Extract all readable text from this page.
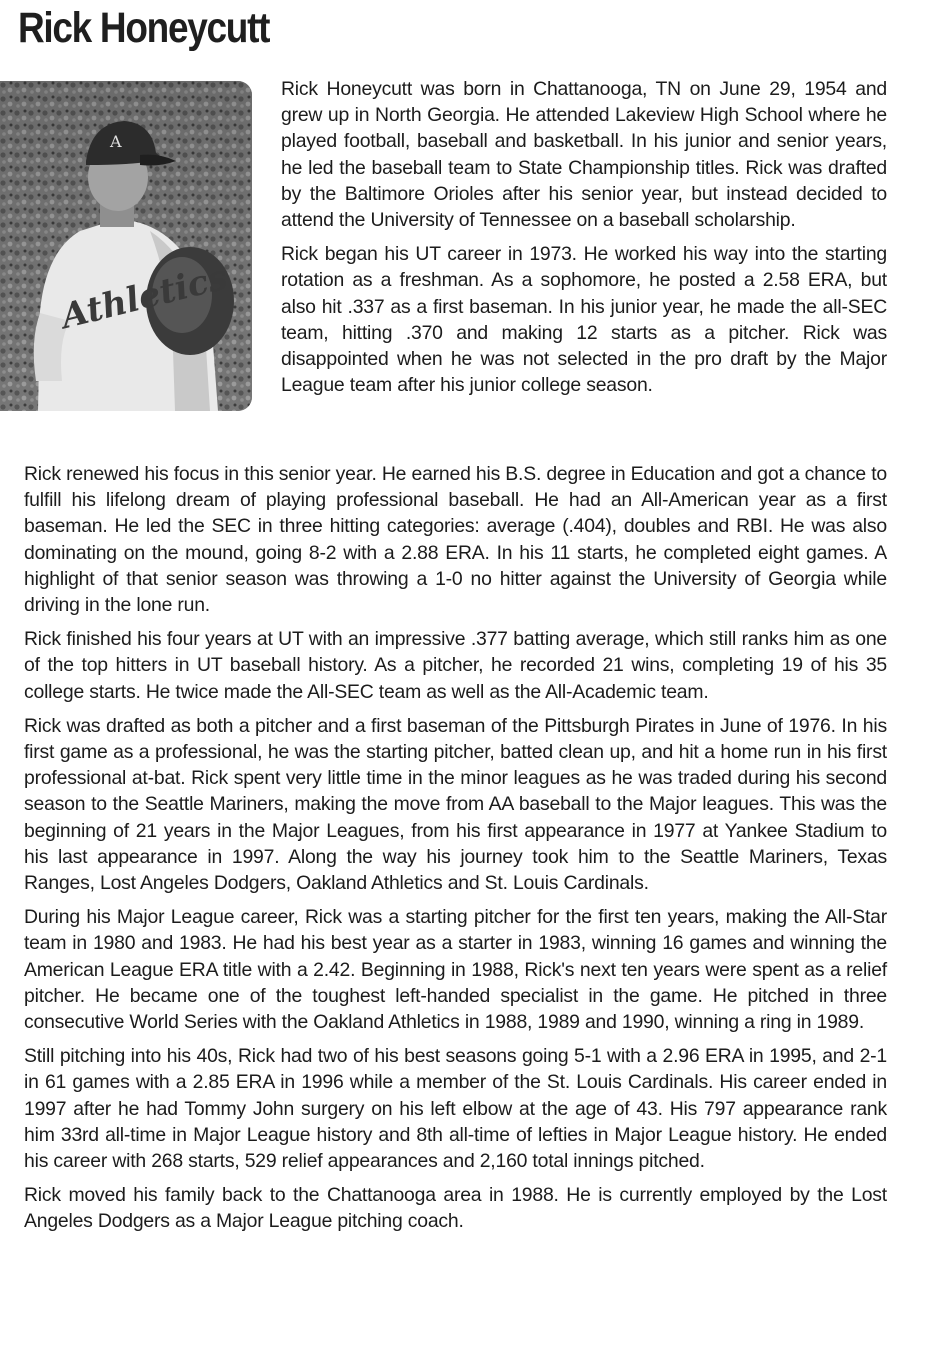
Rick Honeycutt
A
Athletics

Rick Honeycutt was born in Chattanooga, TN on June 29, 1954 and grew up in North Georgia. He attended Lakeview High School where he played football, baseball and basketball. In his junior and senior years, he led the baseball team to State Championship titles. Rick was drafted by the Baltimore Orioles after his senior year, but instead decided to attend the University of Tennessee on a baseball scholarship.

Rick began his UT career in 1973. He worked his way into the starting rotation as a freshman. As a sophomore, he posted a 2.58 ERA, but also hit .337 as a first baseman. In his junior year, he made the all-SEC team, hitting .370 and making 12 starts as a pitcher. Rick was disappointed when he was not selected in the pro draft by the Major League team after his junior college season.

Rick renewed his focus in this senior year. He earned his B.S. degree in Education and got a chance to fulfill his lifelong dream of playing professional baseball. He had an All-American year as a first baseman. He led the SEC in three hitting categories: average (.404), doubles and RBI. He was also dominating on the mound, going 8-2 with a 2.88 ERA. In his 11 starts, he completed eight games. A highlight of that senior season was throwing a 1-0 no hitter against the University of Georgia while driving in the lone run.

Rick finished his four years at UT with an impressive .377 batting average, which still ranks him as one of the top hitters in UT baseball history. As a pitcher, he recorded 21 wins, completing 19 of his 35 college starts. He twice made the All-SEC team as well as the All-Academic team.

Rick was drafted as both a pitcher and a first baseman of the Pittsburgh Pirates in June of 1976. In his first game as a professional, he was the starting pitcher, batted clean up, and hit a home run in his first professional at-bat. Rick spent very little time in the minor leagues as he was traded during his second season to the Seattle Mariners, making the move from AA baseball to the Major leagues. This was the beginning of 21 years in the Major Leagues, from his first appearance in 1977 at Yankee Stadium to his last appearance in 1997. Along the way his journey took him to the Seattle Mariners, Texas Ranges, Lost Angeles Dodgers, Oakland Athletics and St. Louis Cardinals.

During his Major League career, Rick was a starting pitcher for the first ten years, making the All-Star team in 1980 and 1983. He had his best year as a starter in 1983, winning 16 games and winning the American League ERA title with a 2.42. Beginning in 1988, Rick's next ten years were spent as a relief pitcher. He became one of the toughest left-handed specialist in the game. He pitched in three consecutive World Series with the Oakland Athletics in 1988, 1989 and 1990, winning a ring in 1989.

Still pitching into his 40s, Rick had two of his best seasons going 5-1 with a 2.96 ERA in 1995, and 2-1 in 61 games with a 2.85 ERA in 1996 while a member of the St. Louis Cardinals. His career ended in 1997 after he had Tommy John surgery on his left elbow at the age of 43. His 797 appearance rank him 33rd all-time in Major League history and 8th all-time of lefties in Major League history. He ended his career with 268 starts, 529 relief appearances and 2,160 total innings pitched.

Rick moved his family back to the Chattanooga area in 1988. He is currently employed by the Lost Angeles Dodgers as a Major League pitching coach.
